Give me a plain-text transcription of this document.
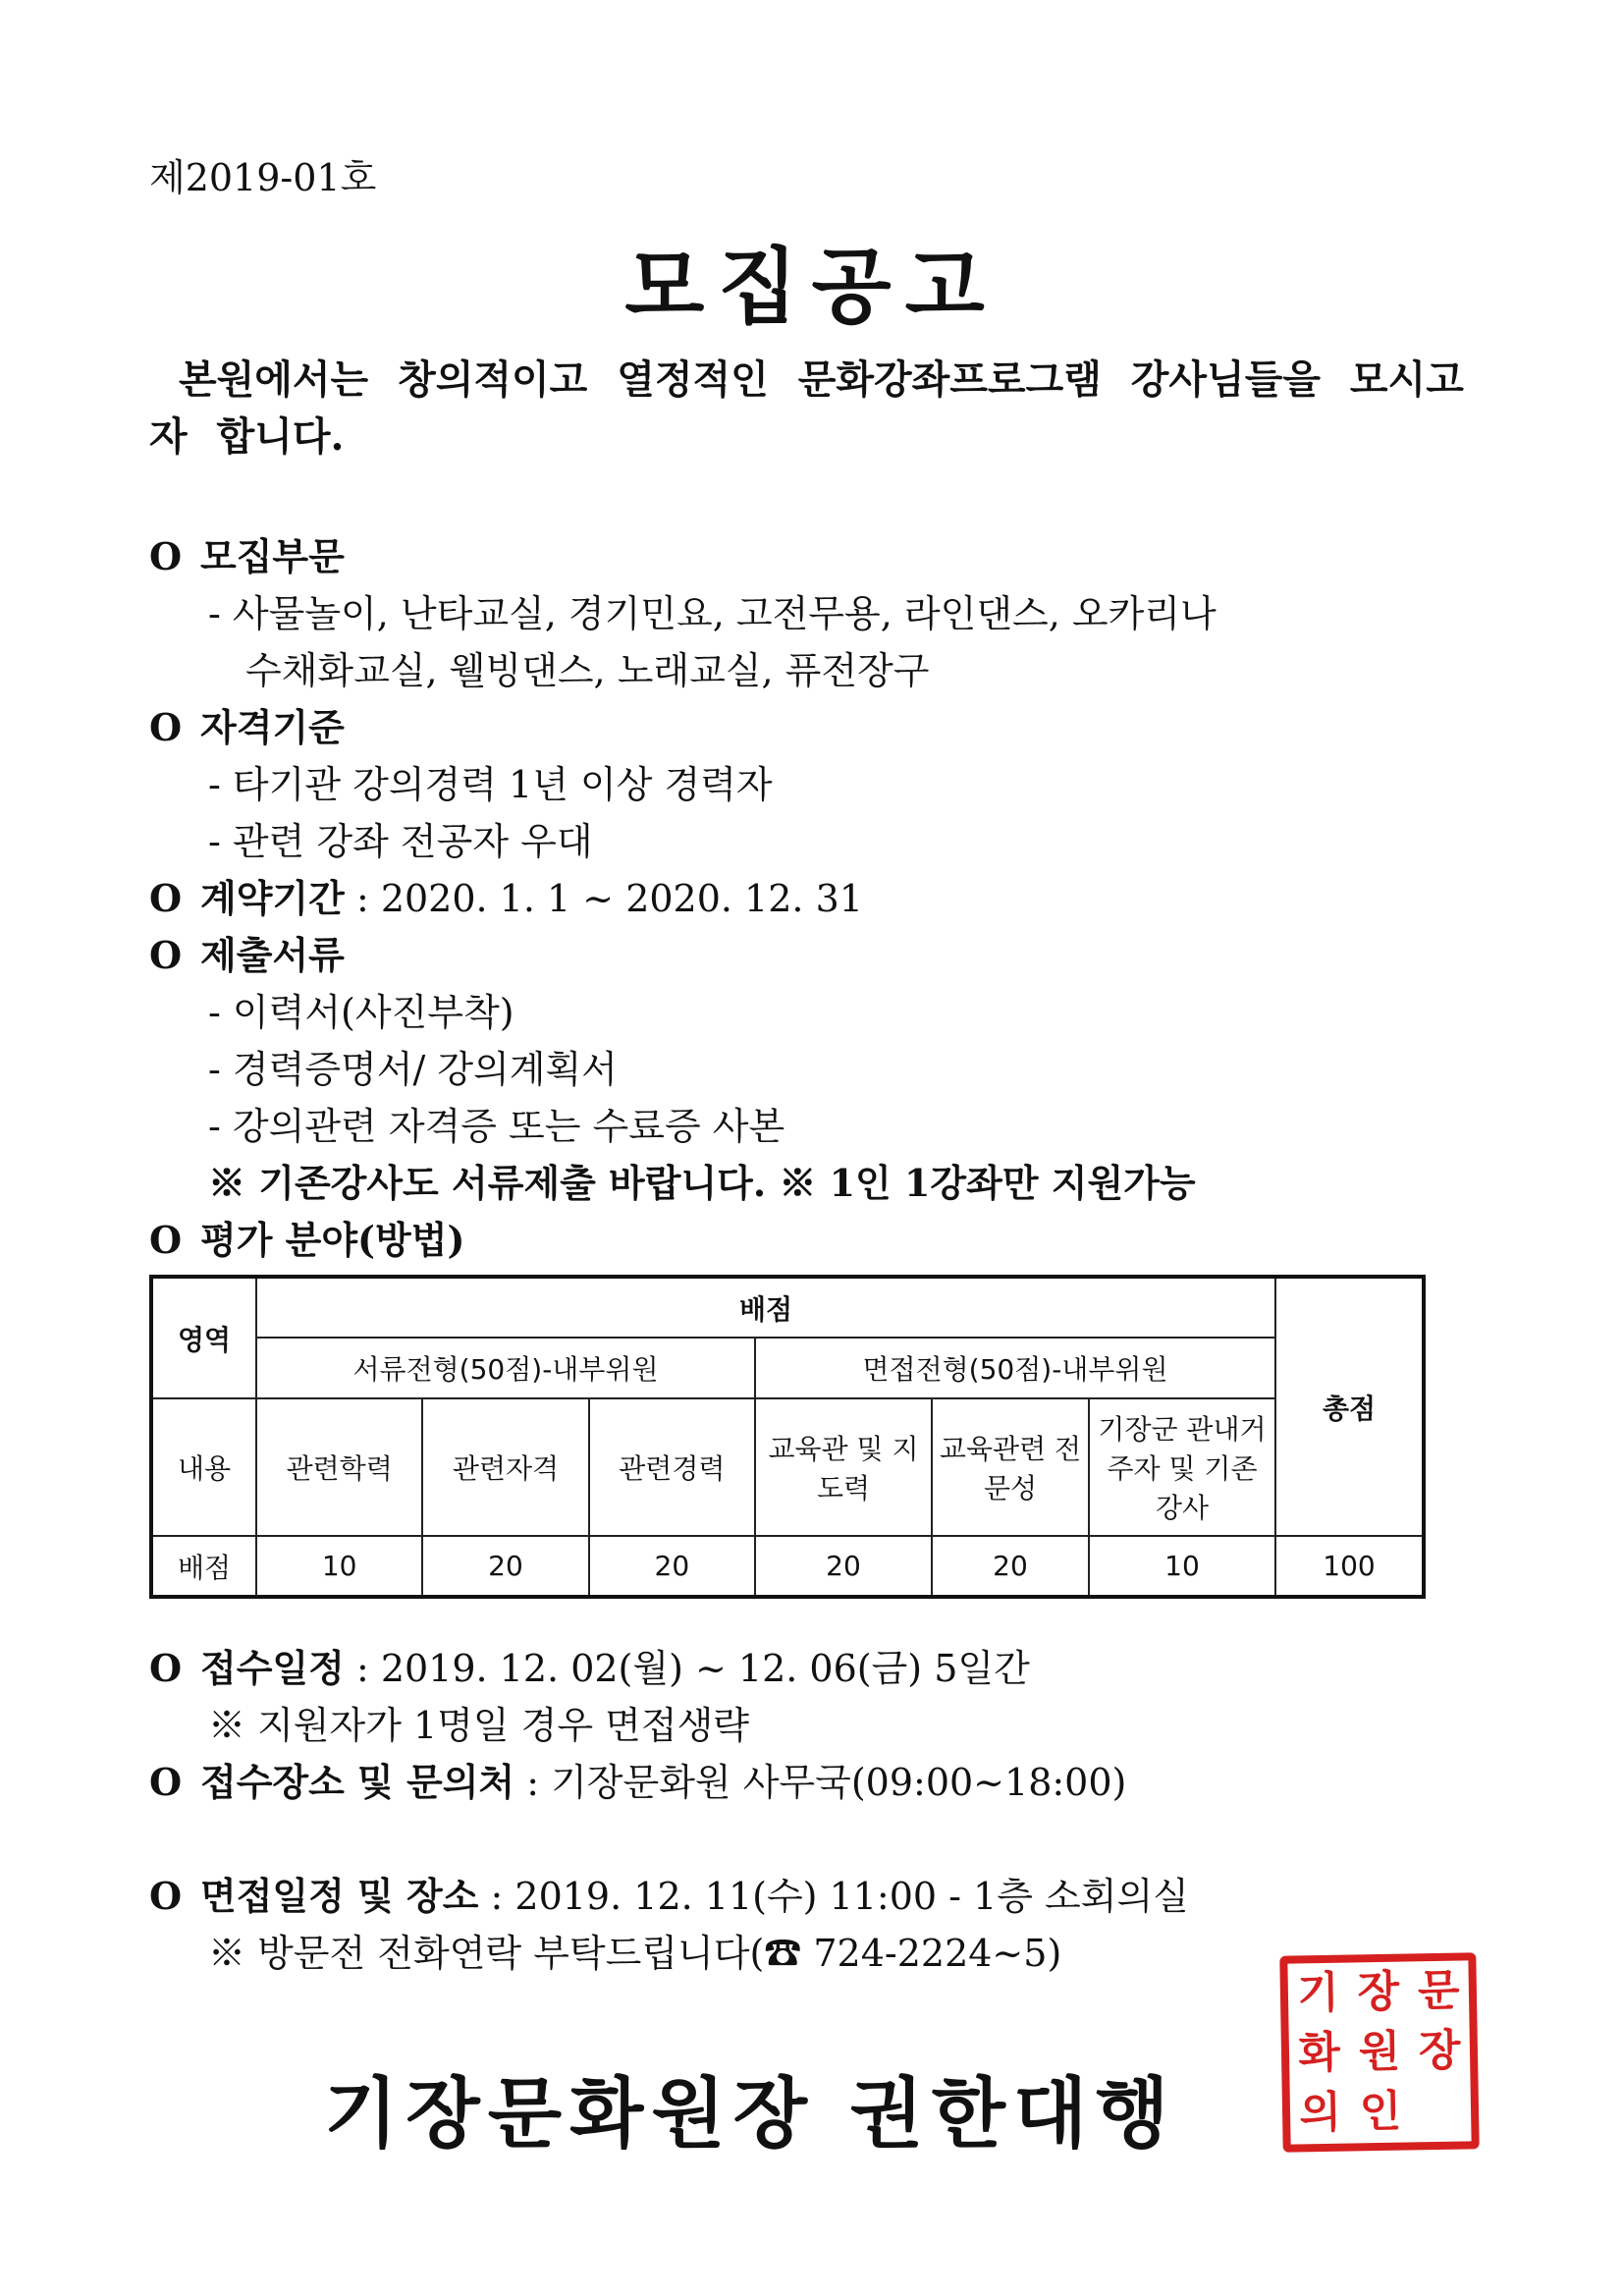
제2019-01호
모집공고
본원에서는 창의적이고 열정적인 문화강좌프로그램 강사님들을 모시고자 합니다.
O 모집부문
- 사물놀이, 난타교실, 경기민요, 고전무용, 라인댄스, 오카리나
수채화교실, 웰빙댄스, 노래교실, 퓨전장구
O 자격기준
- 타기관 강의경력 1년 이상 경력자
- 관련 강좌 전공자 우대
O 계약기간 : 2020. 1. 1 ~ 2020. 12. 31
O 제출서류
- 이력서(사진부착)
- 경력증명서/ 강의계획서
- 강의관련 자격증 또는 수료증 사본
※ 기존강사도 서류제출 바랍니다. ※ 1인 1강좌만 지원가능
O 평가 분야(방법)
영역	배점						총점
	서류전형(50점)-내부위원			면접전형(50점)-내부위원			
내용	관련학력	관련자격	관련경력	교육관 및 지도력	교육관련 전문성	기장군 관내거주자 및 기존강사	
배점	10	20	20	20	20	10	100
O 접수일정 : 2019. 12. 02(월) ~ 12. 06(금) 5일간
※ 지원자가 1명일 경우 면접생략
O 접수장소 및 문의처 : 기장문화원 사무국(09:00~18:00)
O 면접일정 및 장소 : 2019. 12. 11(수) 11:00 - 1층 소회의실
※ 방문전 전화연락 부탁드립니다(☎ 724-2224~5)
기장문화원장 권한대행
기 장 문
화 원 장
의 인
